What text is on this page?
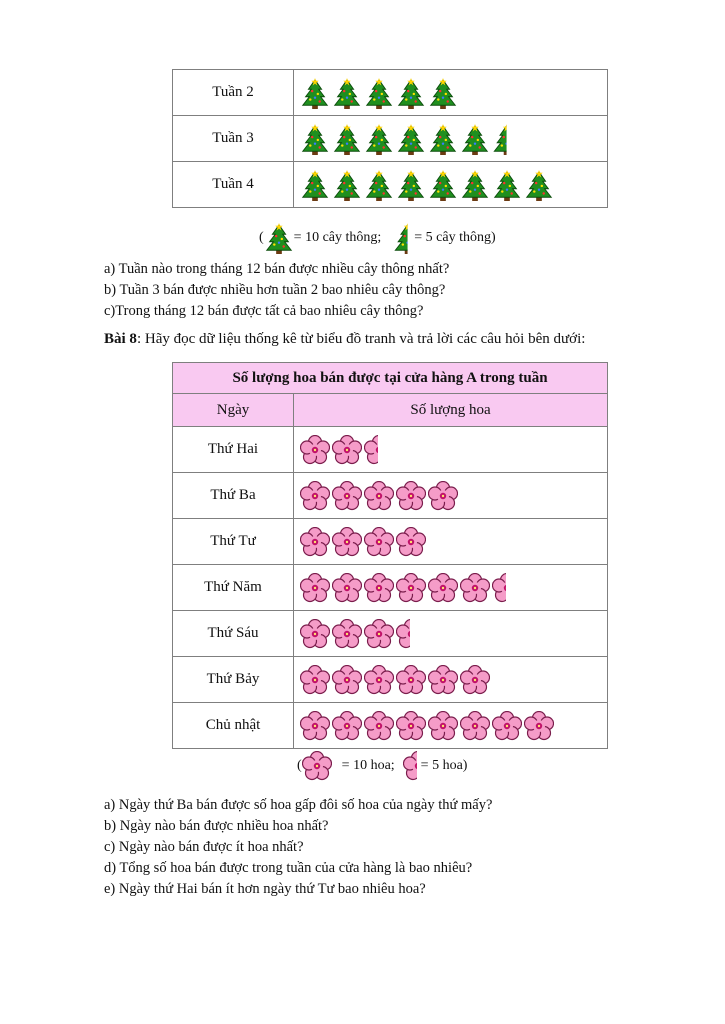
Tuần 2	

Tuần 3	

Tuần 4	
( = 10 cây thông; = 5 cây thông)
a) Tuần nào trong tháng 12 bán được nhiều cây thông nhất?
b) Tuần 3 bán được nhiều hơn tuần 2 bao nhiêu cây thông?
c)Trong tháng 12 bán được tất cả bao nhiêu cây thông?
Bài 8: Hãy đọc dữ liệu thống kê từ biểu đồ tranh và trả lời các câu hỏi bên dưới:
Số lượng hoa bán được tại cửa hàng A trong tuần	
Ngày	Số lượng hoa
Thứ Hai	

Thứ Ba	

Thứ Tư	

Thứ Năm	

Thứ Sáu	

Thứ Bảy	

Chủ nhật	
(	= 10 hoa; = 5 hoa)
a) Ngày thứ Ba bán được số hoa gấp đôi số hoa của ngày thứ mấy?
b) Ngày nào bán được nhiều hoa nhất?
c) Ngày nào bán được ít hoa nhất?
d) Tổng số hoa bán được trong tuần của cửa hàng là bao nhiêu?
e) Ngày thứ Hai bán ít hơn ngày thứ Tư bao nhiêu hoa?
